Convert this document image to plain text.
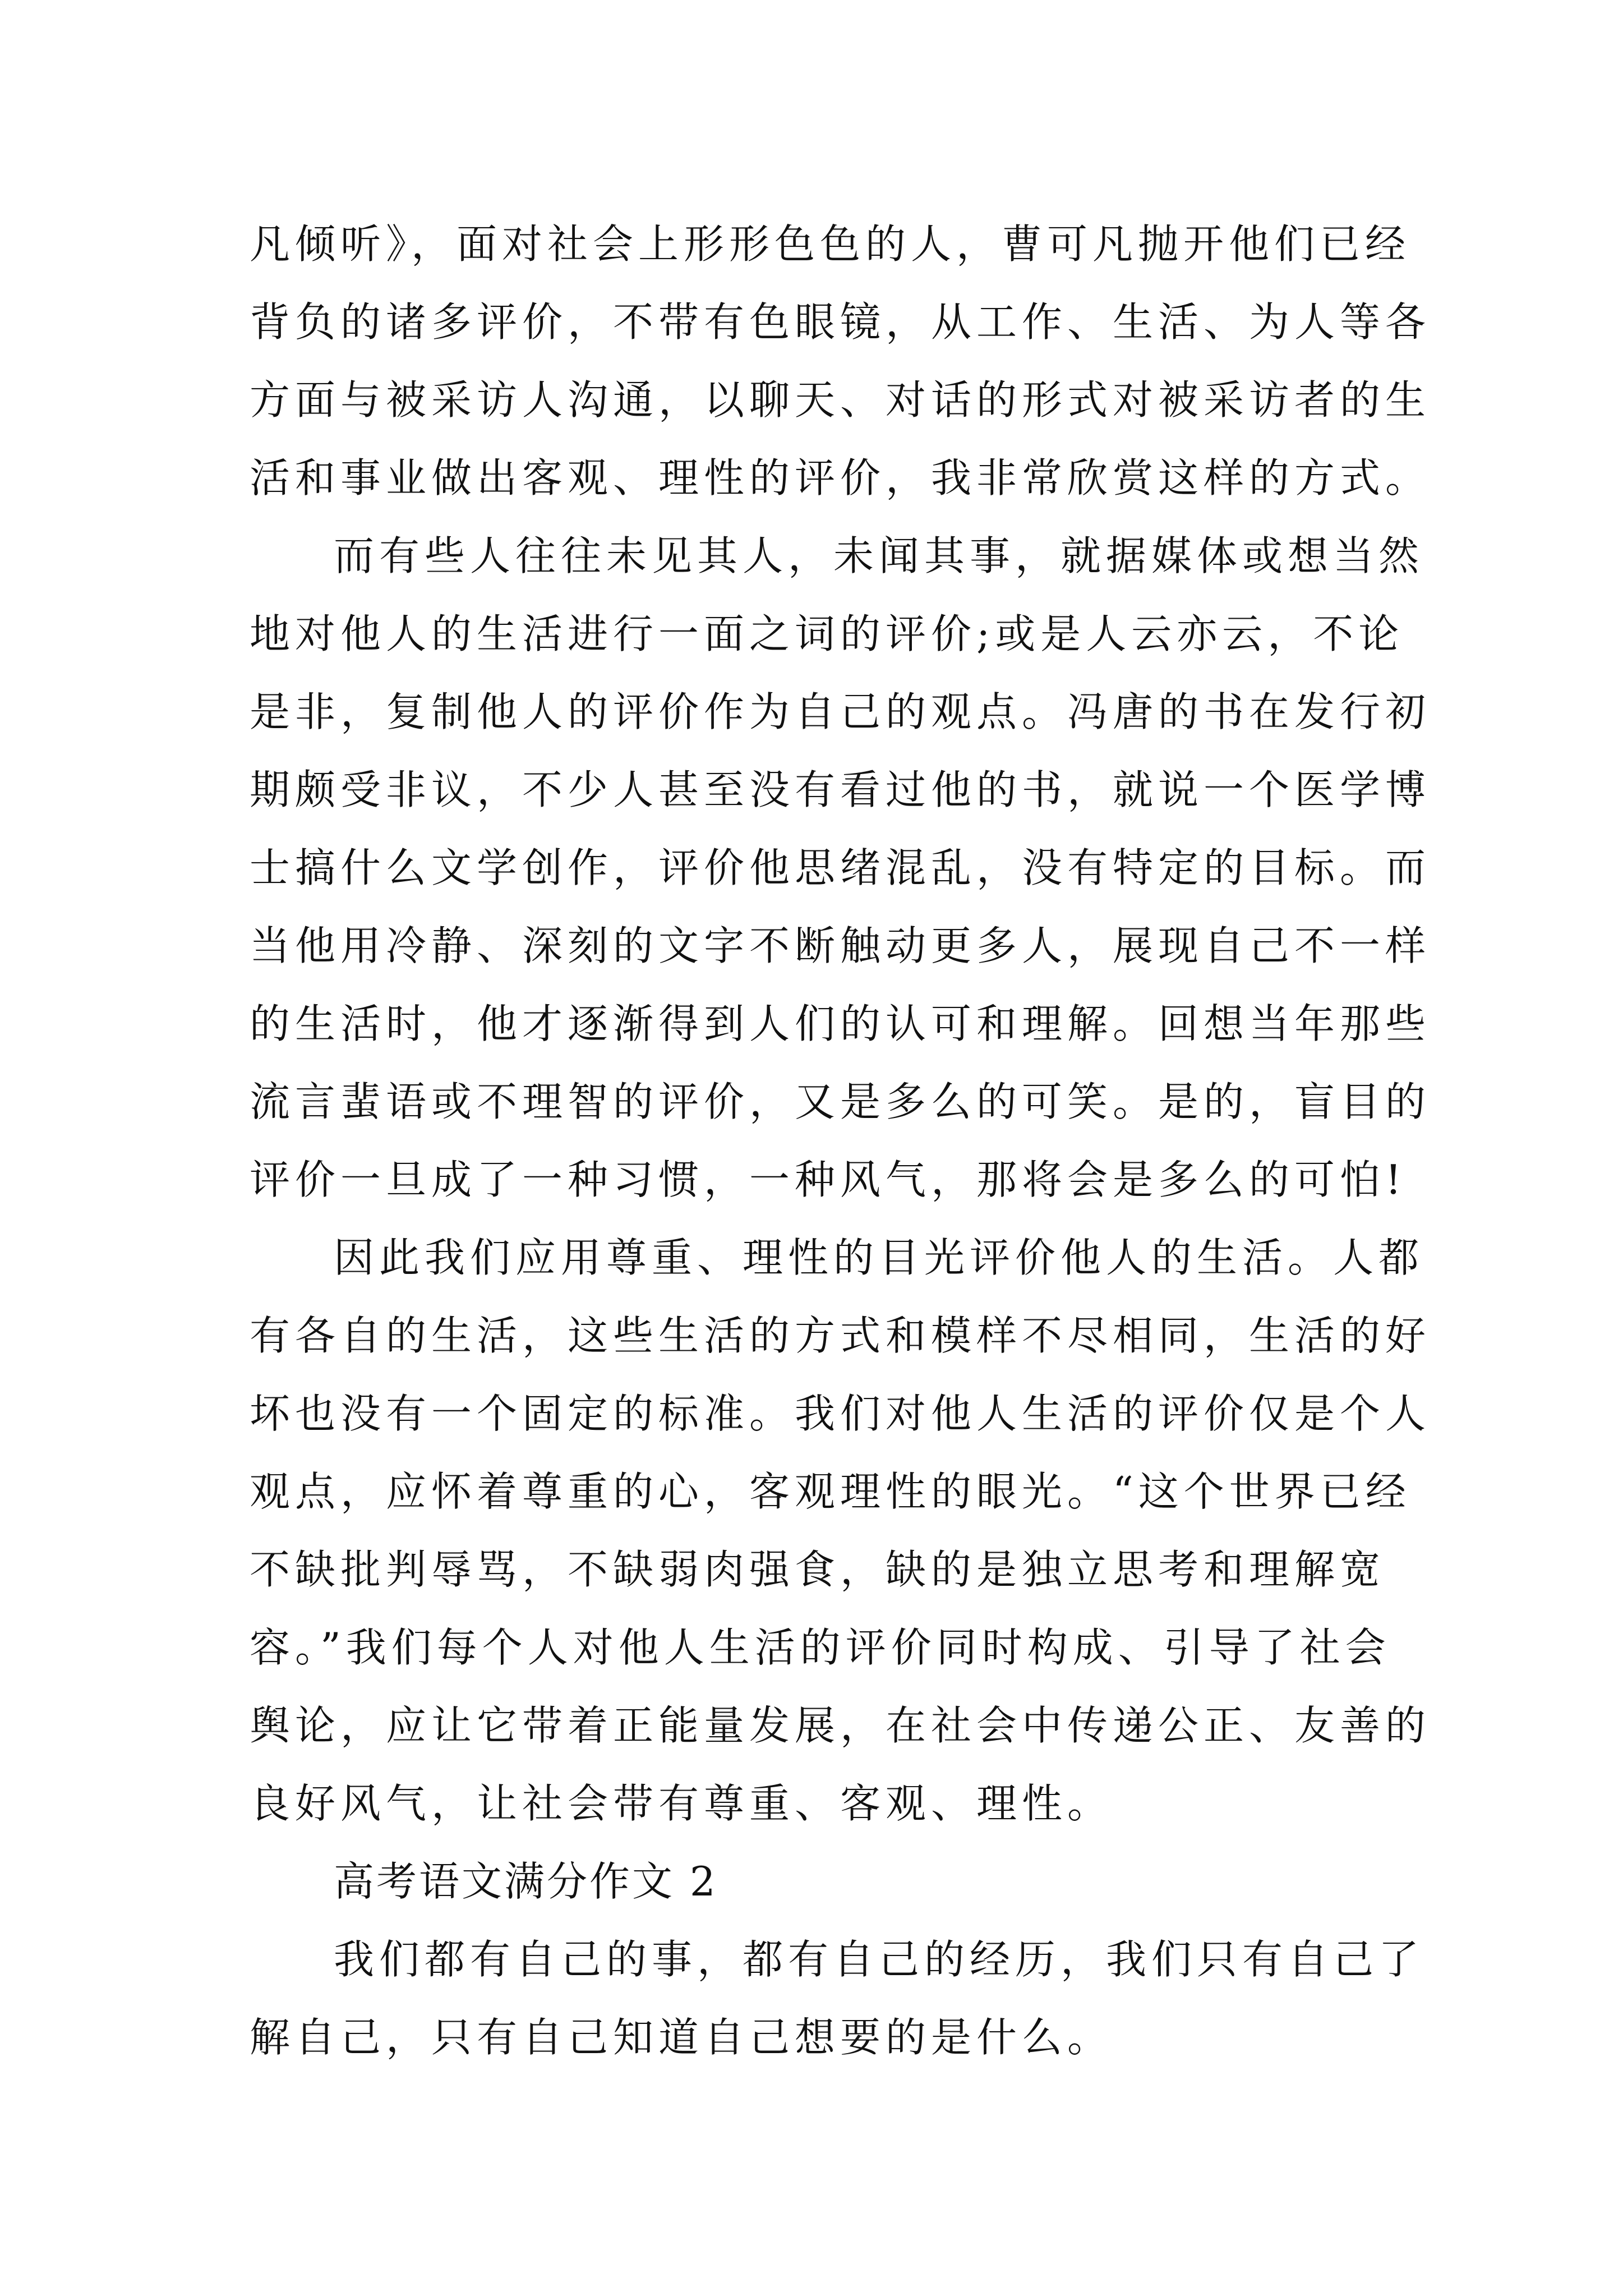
凡倾听》，面对社会上形形色色的人，曹可凡抛开他们已经
背负的诸多评价，不带有色眼镜，从工作、生活、为人等各
方面与被采访人沟通，以聊天、对话的形式对被采访者的生
活和事业做出客观、理性的评价，我非常欣赏这样的方式。
而有些人往往未见其人，未闻其事，就据媒体或想当然
地对他人的生活进行一面之词的评价;或是人云亦云，不论
是非，复制他人的评价作为自己的观点。冯唐的书在发行初
期颇受非议，不少人甚至没有看过他的书，就说一个医学博
士搞什么文学创作，评价他思绪混乱，没有特定的目标。而
当他用冷静、深刻的文字不断触动更多人，展现自己不一样
的生活时，他才逐渐得到人们的认可和理解。回想当年那些
流言蜚语或不理智的评价，又是多么的可笑。是的，盲目的
评价一旦成了一种习惯，一种风气，那将会是多么的可怕!
因此我们应用尊重、理性的目光评价他人的生活。人都
有各自的生活，这些生活的方式和模样不尽相同，生活的好
坏也没有一个固定的标准。我们对他人生活的评价仅是个人
观点，应怀着尊重的心，客观理性的眼光。“这个世界已经
不缺批判辱骂，不缺弱肉强食，缺的是独立思考和理解宽
容。”我们每个人对他人生活的评价同时构成、引导了社会
舆论，应让它带着正能量发展，在社会中传递公正、友善的
良好风气，让社会带有尊重、客观、理性。
高考语文满分作文 2
我们都有自己的事，都有自己的经历，我们只有自己了
解自己，只有自己知道自己想要的是什么。
